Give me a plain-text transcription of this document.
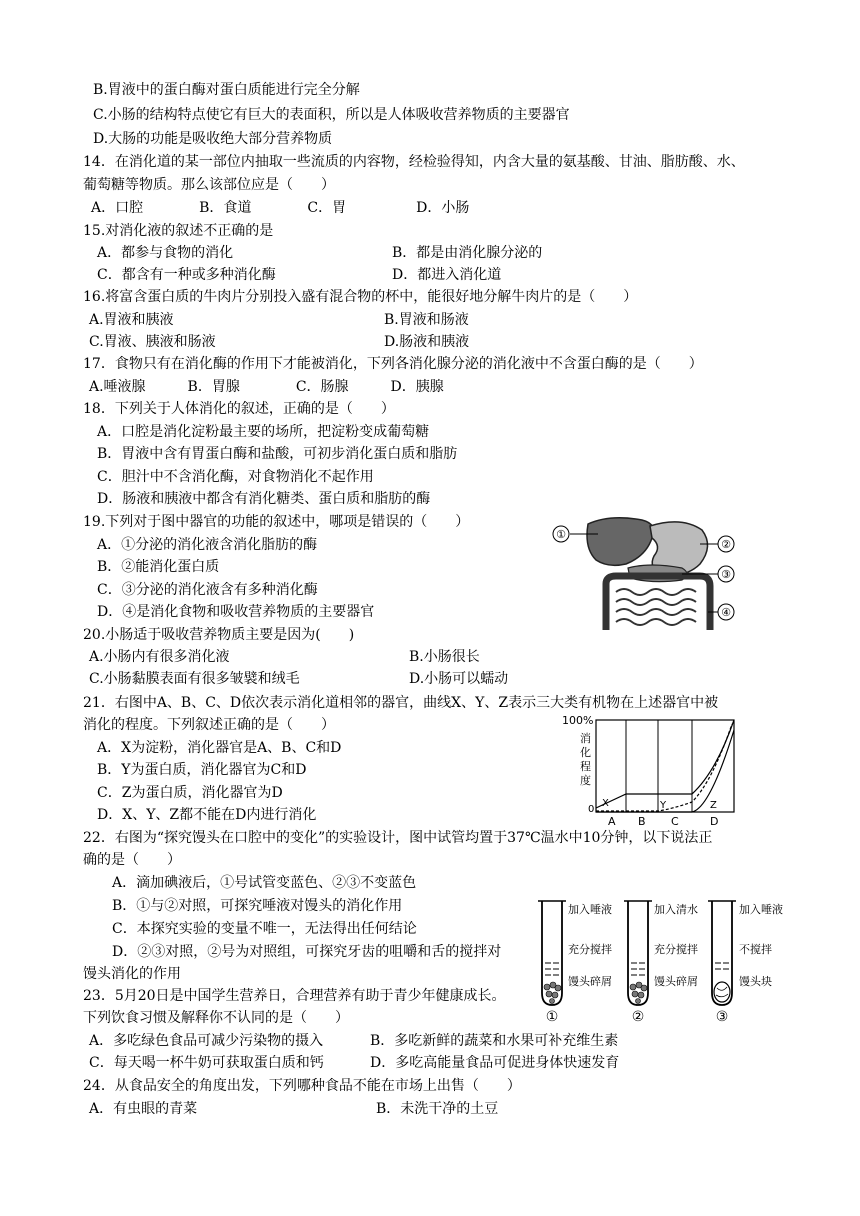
B.胃液中的蛋白酶对蛋白质能进行完全分解
C.小肠的结构特点使它有巨大的表面积，所以是人体吸收营养物质的主要器官
D.大肠的功能是吸收绝大部分营养物质
14．在消化道的某一部位内抽取一些流质的内容物，经检验得知，内含大量的氨基酸、甘油、脂肪酸、水、
葡萄糖等物质。那么该部位应是（　　）
A．口腔　　　　B．食道　　　　C．胃　　　　　D．小肠
15.对消化液的叙述不正确的是
A．都参与食物的消化	B．都是由消化腺分泌的
C．都含有一种或多种消化酶	D．都进入消化道
16.将富含蛋白质的牛肉片分别投入盛有混合物的杯中，能很好地分解牛肉片的是（　　）
A.胃液和胰液	B.胃液和肠液
C.胃液、胰液和肠液	D.肠液和胰液
17．食物只有在消化酶的作用下才能被消化，下列各消化腺分泌的消化液中不含蛋白酶的是（　　）
A.唾液腺　　　B．胃腺　　　　C．肠腺　　　D．胰腺
18．下列关于人体消化的叙述，正确的是（　　）
A．口腔是消化淀粉最主要的场所，把淀粉变成葡萄糖
B．胃液中含有胃蛋白酶和盐酸，可初步消化蛋白质和脂肪
C．胆汁中不含消化酶，对食物消化不起作用
D．肠液和胰液中都含有消化糖类、蛋白质和脂肪的酶
19.下列对于图中器官的功能的叙述中，哪项是错误的（　　）
A．①分泌的消化液含消化脂肪的酶
B．②能消化蛋白质
C．③分泌的消化液含有多种消化酶
D．④是消化食物和吸收营养物质的主要器官
①
②
③
④
20.小肠适于吸收营养物质主要是因为(　　)
A.小肠内有很多消化液	B.小肠很长
C.小肠黏膜表面有很多皱襞和绒毛	D.小肠可以蠕动
21．右图中A、B、C、D依次表示消化道相邻的器官，曲线X、Y、Z表示三大类有机物在上述器官中被
消化的程度。下列叙述正确的是（　　）
A．X为淀粉，消化器官是A、B、C和D
B．Y为蛋白质，消化器官为C和D
C．Z为蛋白质，消化器官为D
D．X、Y、Z都不能在D内进行消化
100%
消
化
程
度
0
A B C	D
X	Y	Z
22．右图为“探究馒头在口腔中的变化”的实验设计，图中试管均置于37℃温水中10分钟，以下说法正
确的是（　　）
A．滴加碘液后，①号试管变蓝色、②③不变蓝色
B．①与②对照，可探究唾液对馒头的消化作用
C．本探究实验的变量不唯一，无法得出任何结论
D．②③对照，②号为对照组，可探究牙齿的咀嚼和舌的搅拌对
馒头消化的作用
加入唾液
充分搅拌
馒头碎屑
加入清水
充分搅拌
馒头碎屑
加入唾液
不搅拌
馒头块
①	②	③
23．5月20日是中国学生营养日，合理营养有助于青少年健康成长。
下列饮食习惯及解释你不认同的是（　　）
A．多吃绿色食品可减少污染物的摄入	B．多吃新鲜的蔬菜和水果可补充维生素
C．每天喝一杯牛奶可获取蛋白质和钙	D．多吃高能量食品可促进身体快速发育
24．从食品安全的角度出发，下列哪种食品不能在市场上出售（　　）
A．有虫眼的青菜	B．未洗干净的土豆
